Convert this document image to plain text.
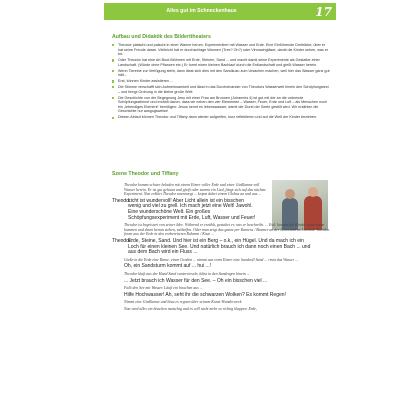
Alles gut im Schneckenhaus	17
Aufbau und Didaktik des Bilderttheaters
Theodor platscht und patscht in einer Wanne herum. Experimentiert mit Wasser und Erde. Eine Einführende Dreiblicke, über er hat seine Freude daran. Vielleicht hat er durchschlage Wannen (Tree? Oh?) oder Vinmachgläser, damit die Kinder sehen, was er tut.
Oder Theodor hat eine Art Boot-Blühmen mit Erde, Steinen, Sand ... und macht damit seine Experimente als Gestalter einer Landschaft. (Würde ohne Pflanzen etc.) Er formt einen kleinen Bachlauf durch die Erdlandschaft und gießt Wasser herein.
Wenn Tiereine zur Verfügung steht, dann lässt sich dies mit den Sandkuzu zum Ursachen machen, weil hier das Wasser ganz gut hält...
Erst, können Kinder assistieren ...
Die Stimme verschafft sich Aufmerksamkeit und lässt in das Durcheinander von Theodors Wasserwelt hinein den Schöpfungstext – und bringt Ordnung in die kleine große Welt.
Die Geschichte von der Begegnung Jesu mit einer Frau am Brunnen (Johannes 4) ist gut mit der an die ordnende Schöpfungsstimme und erzählt davon, dass wir neben den vier Elementen – Wasser, Feuer, Erde und Luft – als Menschen noch ein „lebendiges Element“ benötigen: Jesus nennt es lebenswasser, damit der Durst der Seele gestillt wird. Wir erzählen die Geschichte nur ausgugsweise!
Diesen Ablauf können Theodor und Tiffany dann wieder aufgreifen, kurz reflektieren und auf die Welt der Kinder beziehen.
Szene Theodor und Tiffany

Theodor kommt schwer beladen mit einem Eimer voller Erde und einer Gießkanne voll Wasser herein. Er ist gut gelaunt und pfeift oder summt ein Lied, fängt sich auf das nächste Experiment. Nun erklärt Theodor unentwegt ... knipst dabei einem Globus an und aus ...

Theodor:
Licht ist wundervoll! Aber Licht allein ist ein bisschen wenig und viel zu grell. Ich mach jetzt eine Welt! Jawohl. Eine wunderschöne Welt. Ein großes Schöpfungsexperiment mit Erde, Luft, Wasser und Feuer!

Theodor ist begeistert von seiner Idee. Während er erzählt, gestaltet er, was er beschreibt. ... Evtl. können die Kinder auch vorne kommen und drum herum stehen, mithelfen. Oder man zeigt das ganze per Kamera / Beamer an der Leinwand im Livebild. Theodor formt aus der Erde in den vorbereiteten Rahmen / Kiste ...

Theodor:
Erde, Steine, Sand. Und hier ist ein Berg – o.k., ein Hügel. Und da mach ich ein Loch für einen kleinen See. Und natürlich brauch ich dann noch einen Bach ... und aus dem Bach wird ein Fluss ...

Gieße in die Erde eine Rinne, einen Graben ... nimmt aus vorm Eimer eine handvoll Sand ... rinnt das Wasser ...

Oh, ein Sandsturm kommt auf ... hui ...!

Theodor läuft aus der Hand Sand runterrieseln, bläst in den Sandregen hinein ...

... Jetzt brauch ich Wasser für den See. – Oh ein bisschen viel ...

Fallt den See mit Wasser. Läuft ein bisschen aus ...

Hilfe Hochwasser! Ah, seht ihr die schwarzen Wolken? Es kommt Regen!

Nimmt eine Gießkanne und lässt es regnen über seinem Kunst-Wunderwerk.

Nun wird alles ein bisschen matschig und es will nicht mehr so richtig klappen. Erde,
